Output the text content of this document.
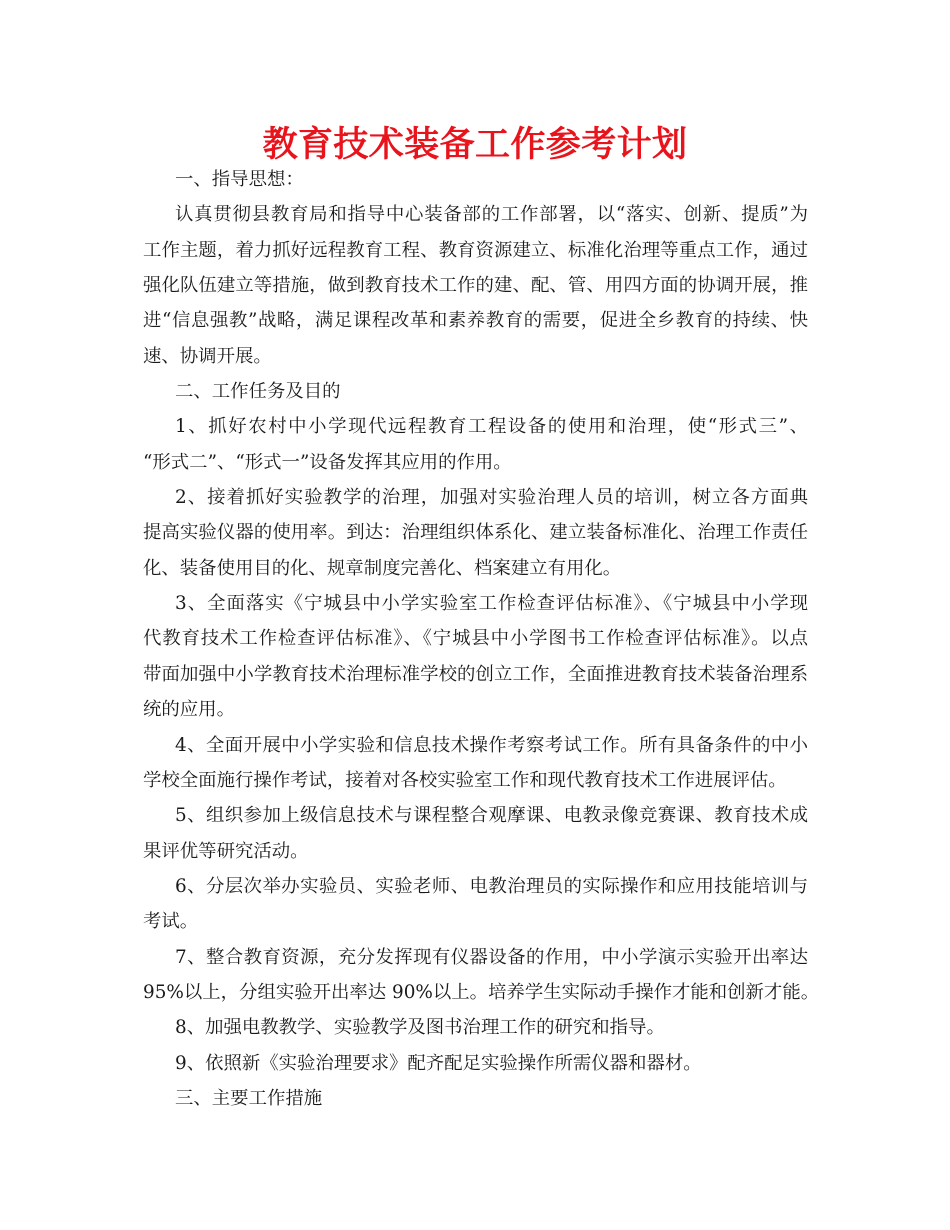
教育技术装备工作参考计划
一、指导思想：
认真贯彻县教育局和指导中心装备部的工作部署，以“落实、创新、提质”为
工作主题，着力抓好远程教育工程、教育资源建立、标准化治理等重点工作，通过
强化队伍建立等措施，做到教育技术工作的建、配、管、用四方面的协调开展，推
进“信息强教”战略，满足课程改革和素养教育的需要，促进全乡教育的持续、快
速、协调开展。
二、工作任务及目的
1、抓好农村中小学现代远程教育工程设备的使用和治理，使“形式三”、
“形式二”、“形式一”设备发挥其应用的作用。
2、接着抓好实验教学的治理，加强对实验治理人员的培训，树立各方面典
提高实验仪器的使用率。到达：治理组织体系化、建立装备标准化、治理工作责任
化、装备使用目的化、规章制度完善化、档案建立有用化。
3、全面落实《宁城县中小学实验室工作检查评估标准》、《宁城县中小学现
代教育技术工作检查评估标准》、《宁城县中小学图书工作检查评估标准》。以点
带面加强中小学教育技术治理标准学校的创立工作，全面推进教育技术装备治理系
统的应用。
4、全面开展中小学实验和信息技术操作考察考试工作。所有具备条件的中小
学校全面施行操作考试，接着对各校实验室工作和现代教育技术工作进展评估。
5、组织参加上级信息技术与课程整合观摩课、电教录像竞赛课、教育技术成
果评优等研究活动。
6、分层次举办实验员、实验老师、电教治理员的实际操作和应用技能培训与
考试。
7、整合教育资源，充分发挥现有仪器设备的作用，中小学演示实验开出率达
95%以上，分组实验开出率达 90%以上。培养学生实际动手操作才能和创新才能。
8、加强电教教学、实验教学及图书治理工作的研究和指导。
9、依照新《实验治理要求》配齐配足实验操作所需仪器和器材。
三、主要工作措施
